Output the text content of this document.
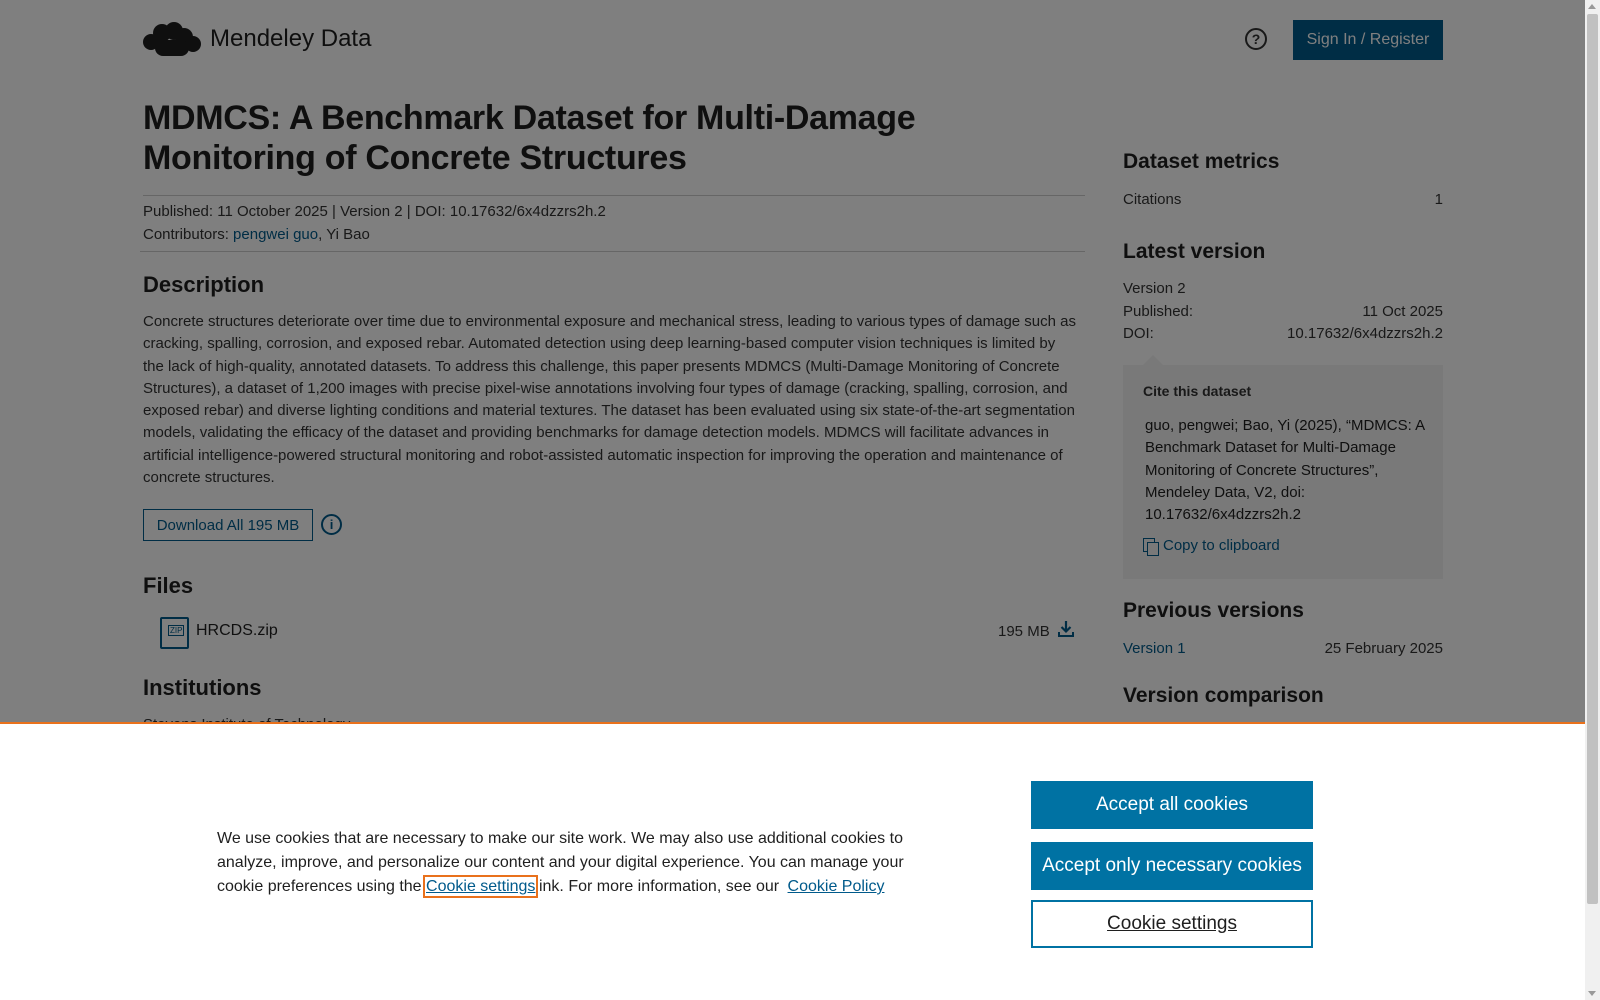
We use cookies that are necessary to make our site work. We may also use additional cookies to analyze, improve, and personalize our content and your digital experience. You can manage your cookie preferences using the Cookie settingslink. For more information, see our Cookie Policy

Accept all cookies
Accept only necessary cookies
Cookie settings
